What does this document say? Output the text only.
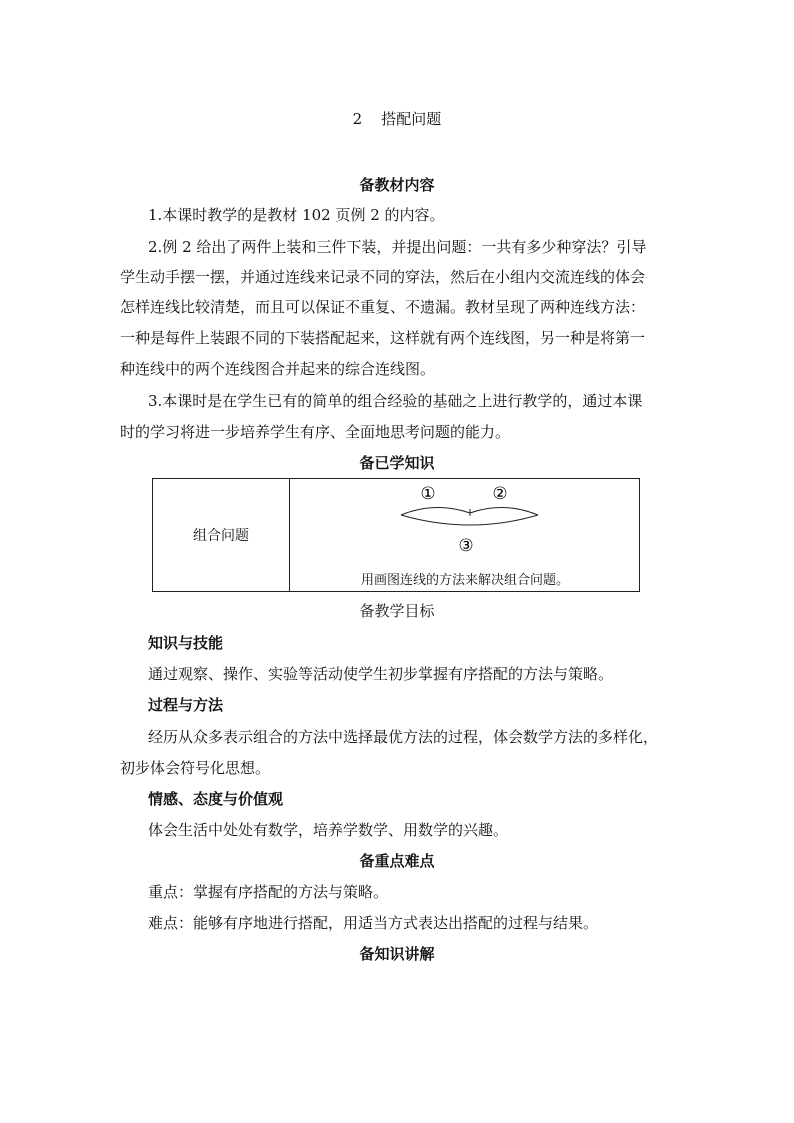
2 搭配问题
备教材内容
1.本课时教学的是教材 102 页例 2 的内容。
2.例 2 给出了两件上装和三件下装，并提出问题：一共有多少种穿法？引导
学生动手摆一摆，并通过连线来记录不同的穿法，然后在小组内交流连线的体会
怎样连线比较清楚，而且可以保证不重复、不遗漏。教材呈现了两种连线方法：
一种是每件上装跟不同的下装搭配起来，这样就有两个连线图，另一种是将第一
种连线中的两个连线图合并起来的综合连线图。
3.本课时是在学生已有的简单的组合经验的基础之上进行教学的，通过本课
时的学习将进一步培养学生有序、全面地思考问题的能力。
备已学知识
组合问题
①	②
③
用画图连线的方法来解决组合问题。
备教学目标
知识与技能
通过观察、操作、实验等活动使学生初步掌握有序搭配的方法与策略。
过程与方法
经历从众多表示组合的方法中选择最优方法的过程，体会数学方法的多样化，
初步体会符号化思想。
情感、态度与价值观
体会生活中处处有数学，培养学数学、用数学的兴趣。
备重点难点
重点：掌握有序搭配的方法与策略。
难点：能够有序地进行搭配，用适当方式表达出搭配的过程与结果。
备知识讲解
